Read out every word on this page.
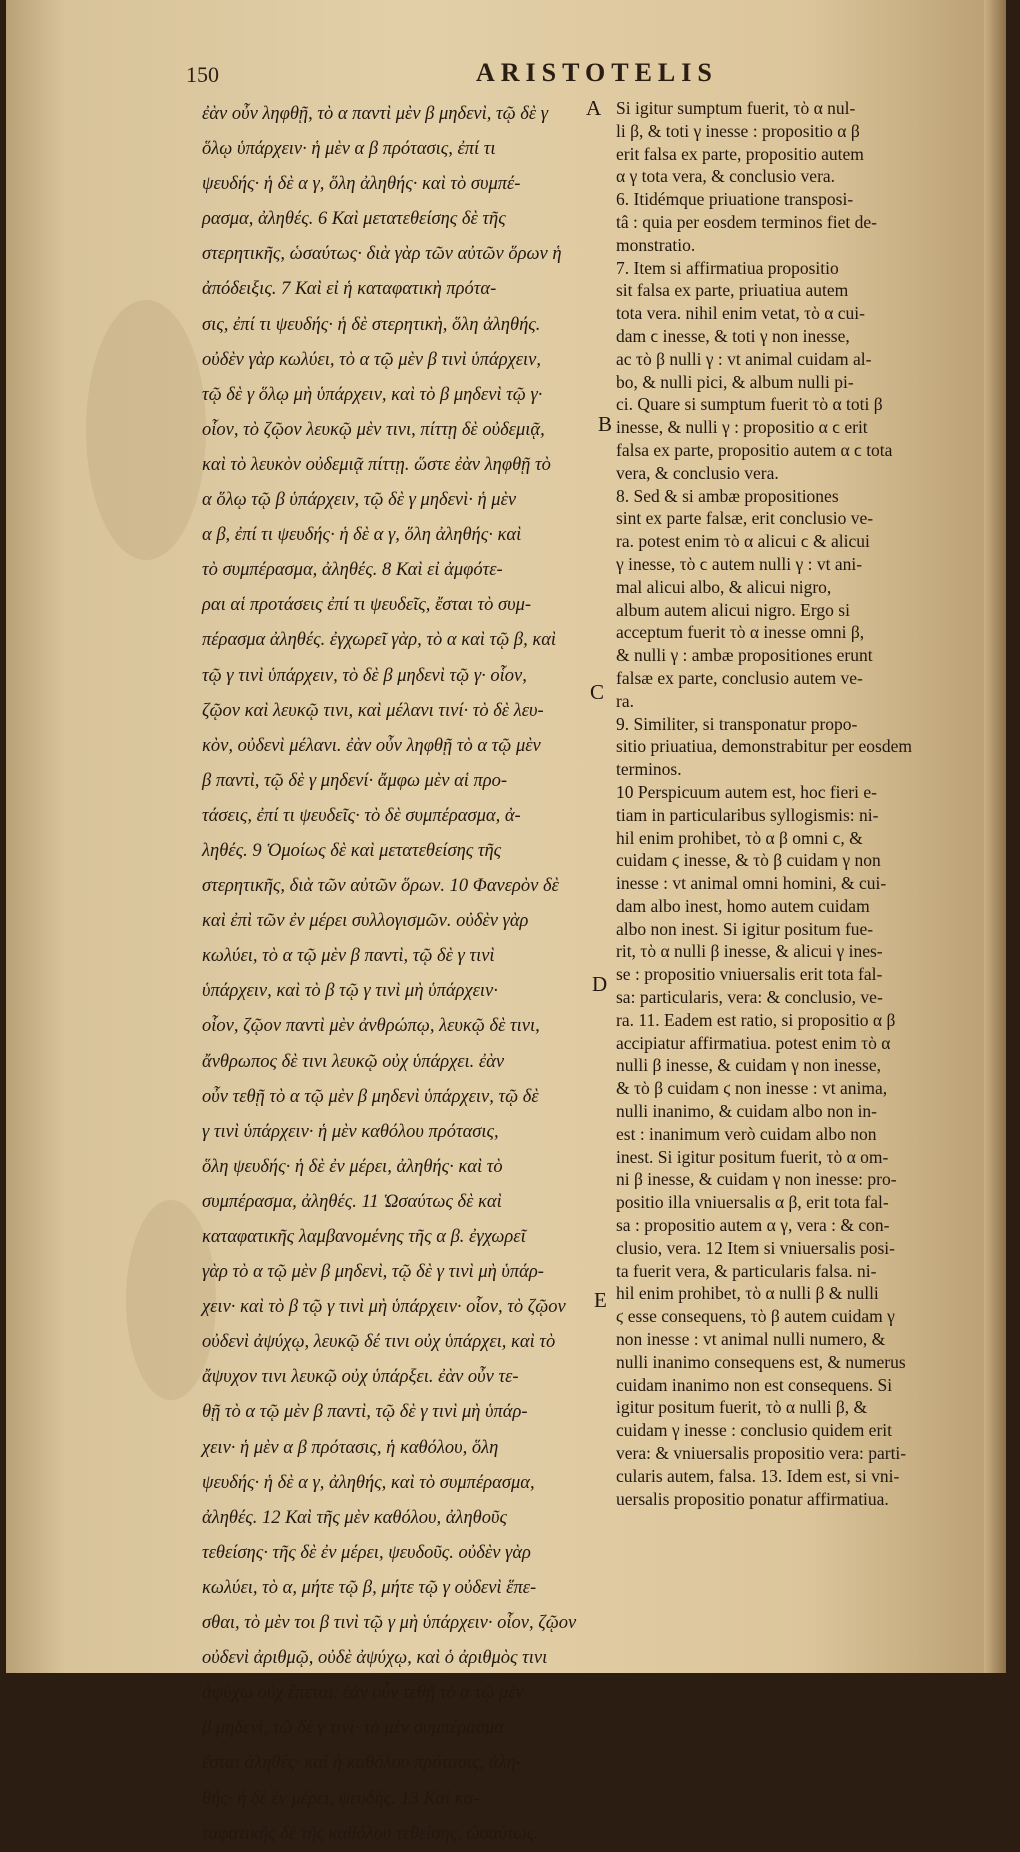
150	ARISTOTELIS
ἐὰν οὖν ληφθῇ, τὸ α παντὶ μὲν β μηδενὶ, τῷ δὲ γ
ὅλῳ ὑπάρχειν· ἡ μὲν α β πρότασις, ἐπί τι
ψευδής· ἡ δὲ α γ, ὅλη ἀληθής· καὶ τὸ συμπέ-
ρασμα, ἀληθές. 6 Καὶ μετατεθείσης δὲ τῆς
στερητικῆς, ὡσαύτως· διὰ γὰρ τῶν αὐτῶν ὅρων ἡ
ἀπόδειξις. 7 Καὶ εἰ ἡ καταφατικὴ πρότα-
σις, ἐπί τι ψευδής· ἡ δὲ στερητικὴ, ὅλη ἀληθής.
οὐδὲν γὰρ κωλύει, τὸ α τῷ μὲν β τινὶ ὑπάρχειν,
τῷ δὲ γ ὅλῳ μὴ ὑπάρχειν, καὶ τὸ β μηδενὶ τῷ γ·
οἷον, τὸ ζῷον λευκῷ μὲν τινι, πίττῃ δὲ οὐδεμιᾷ,
καὶ τὸ λευκὸν οὐδεμιᾷ πίττῃ. ὥστε ἐὰν ληφθῇ τὸ
α ὅλῳ τῷ β ὑπάρχειν, τῷ δὲ γ μηδενὶ· ἡ μὲν
α β, ἐπί τι ψευδής· ἡ δὲ α γ, ὅλη ἀληθής· καὶ
τὸ συμπέρασμα, ἀληθές. 8 Καὶ εἰ ἀμφότε-
ραι αἱ προτάσεις ἐπί τι ψευδεῖς, ἔσται τὸ συμ-
πέρασμα ἀληθές. ἐγχωρεῖ γὰρ, τὸ α καὶ τῷ β, καὶ
τῷ γ τινὶ ὑπάρχειν, τὸ δὲ β μηδενὶ τῷ γ· οἷον,
ζῷον καὶ λευκῷ τινι, καὶ μέλανι τινί· τὸ δὲ λευ-
κὸν, οὐδενὶ μέλανι. ἐὰν οὖν ληφθῇ τὸ α τῷ μὲν
β παντὶ, τῷ δὲ γ μηδενί· ἄμφω μὲν αἱ προ-
τάσεις, ἐπί τι ψευδεῖς· τὸ δὲ συμπέρασμα, ἀ-
ληθές. 9 Ὁμοίως δὲ καὶ μετατεθείσης τῆς
στερητικῆς, διὰ τῶν αὐτῶν ὅρων. 10 Φανερὸν δὲ
καὶ ἐπὶ τῶν ἐν μέρει συλλογισμῶν. οὐδὲν γὰρ
κωλύει, τὸ α τῷ μὲν β παντὶ, τῷ δὲ γ τινὶ
ὑπάρχειν, καὶ τὸ β τῷ γ τινὶ μὴ ὑπάρχειν·
οἷον, ζῷον παντὶ μὲν ἀνθρώπῳ, λευκῷ δὲ τινι,
ἄνθρωπος δὲ τινι λευκῷ οὐχ ὑπάρχει. ἐὰν
οὖν τεθῇ τὸ α τῷ μὲν β μηδενὶ ὑπάρχειν, τῷ δὲ
γ τινὶ ὑπάρχειν· ἡ μὲν καθόλου πρότασις,
ὅλη ψευδής· ἡ δὲ ἐν μέρει, ἀληθής· καὶ τὸ
συμπέρασμα, ἀληθές. 11 Ὡσαύτως δὲ καὶ
καταφατικῆς λαμβανομένης τῆς α β. ἐγχωρεῖ
γὰρ τὸ α τῷ μὲν β μηδενὶ, τῷ δὲ γ τινὶ μὴ ὑπάρ-
χειν· καὶ τὸ β τῷ γ τινὶ μὴ ὑπάρχειν· οἷον, τὸ ζῷον
οὐδενὶ ἀψύχῳ, λευκῷ δέ τινι οὐχ ὑπάρχει, καὶ τὸ
ἄψυχον τινι λευκῷ οὐχ ὑπάρξει. ἐὰν οὖν τε-
θῇ τὸ α τῷ μὲν β παντὶ, τῷ δὲ γ τινὶ μὴ ὑπάρ-
χειν· ἡ μὲν α β πρότασις, ἡ καθόλου, ὅλη
ψευδής· ἡ δὲ α γ, ἀληθής, καὶ τὸ συμπέρασμα,
ἀληθές. 12 Καὶ τῆς μὲν καθόλου, ἀληθοῦς
τεθείσης· τῆς δὲ ἐν μέρει, ψευδοῦς. οὐδὲν γὰρ
κωλύει, τὸ α, μήτε τῷ β, μήτε τῷ γ οὐδενὶ ἕπε-
σθαι, τὸ μὲν τοι β τινὶ τῷ γ μὴ ὑπάρχειν· οἷον, ζῷον
οὐδενὶ ἀριθμῷ, οὐδὲ ἀψύχῳ, καὶ ὁ ἀριθμὸς τινι
ἀψύχῳ οὐχ ἕπεται. ἐὰν οὖν τεθῇ τὸ α τῷ μὲν
β μηδενὶ, τῷ δὲ γ τινί· τὸ μὲν συμπέρασμα
ἔσται ἀληθές· καὶ ἡ καθόλου πρότασις, ἀλη-
θής· ἡ δὲ ἐν μέρει, ψευδής. 13 Καὶ κα-
ταφατικῆς δὲ τῆς καθόλου τεθείσης, ὡσαύτως.
Si igitur sumptum fuerit, τὸ α nul-
li β, & toti γ inesse : propositio α β
erit falsa ex parte, propositio autem
α γ tota vera, & conclusio vera.
6. Itidémque priuatione transposi-
tâ : quia per eosdem terminos fiet de-
monstratio.
7. Item si affirmatiua propositio
sit falsa ex parte, priuatiua autem
tota vera. nihil enim vetat, τὸ α cui-
dam ϲ inesse, & toti γ non inesse,
ac τὸ β nulli γ : vt animal cuidam al-
bo, & nulli pici, & album nulli pi-
ci. Quare si sumptum fuerit τὸ α toti β
inesse, & nulli γ : propositio α ϲ erit
falsa ex parte, propositio autem α ϲ tota
vera, & conclusio vera.
8. Sed & si ambæ propositiones
sint ex parte falsæ, erit conclusio ve-
ra. potest enim τὸ α alicui ϲ & alicui
γ inesse, τὸ ϲ autem nulli γ : vt ani-
mal alicui albo, & alicui nigro,
album autem alicui nigro. Ergo si
acceptum fuerit τὸ α inesse omni β,
& nulli γ : ambæ propositiones erunt
falsæ ex parte, conclusio autem ve-
ra.
9. Similiter, si transponatur propo-
sitio priuatiua, demonstrabitur per eosdem
terminos.
10 Perspicuum autem est, hoc fieri e-
tiam in particularibus syllogismis: ni-
hil enim prohibet, τὸ α β omni ϲ, &
cuidam ϛ inesse, & τὸ β cuidam γ non
inesse : vt animal omni homini, & cui-
dam albo inest, homo autem cuidam
albo non inest. Si igitur positum fue-
rit, τὸ α nulli β inesse, & alicui γ ines-
se : propositio vniuersalis erit tota fal-
sa: particularis, vera: & conclusio, ve-
ra. 11. Eadem est ratio, si propositio α β
accipiatur affirmatiua. potest enim τὸ α
nulli β inesse, & cuidam γ non inesse,
& τὸ β cuidam ϛ non inesse : vt anima,
nulli inanimo, & cuidam albo non in-
est : inanimum verò cuidam albo non
inest. Si igitur positum fuerit, τὸ α om-
ni β inesse, & cuidam γ non inesse: pro-
positio illa vniuersalis α β, erit tota fal-
sa : propositio autem α γ, vera : & con-
clusio, vera. 12 Item si vniuersalis posi-
ta fuerit vera, & particularis falsa. ni-
hil enim prohibet, τὸ α nulli β & nulli
ϛ esse consequens, τὸ β autem cuidam γ
non inesse : vt animal nulli numero, &
nulli inanimo consequens est, & numerus
cuidam inanimo non est consequens. Si
igitur positum fuerit, τὸ α nulli β, &
cuidam γ inesse : conclusio quidem erit
vera: & vniuersalis propositio vera: parti-
cularis autem, falsa. 13. Idem est, si vni-
uersalis propositio ponatur affirmatiua.
A
B
C
D
E
